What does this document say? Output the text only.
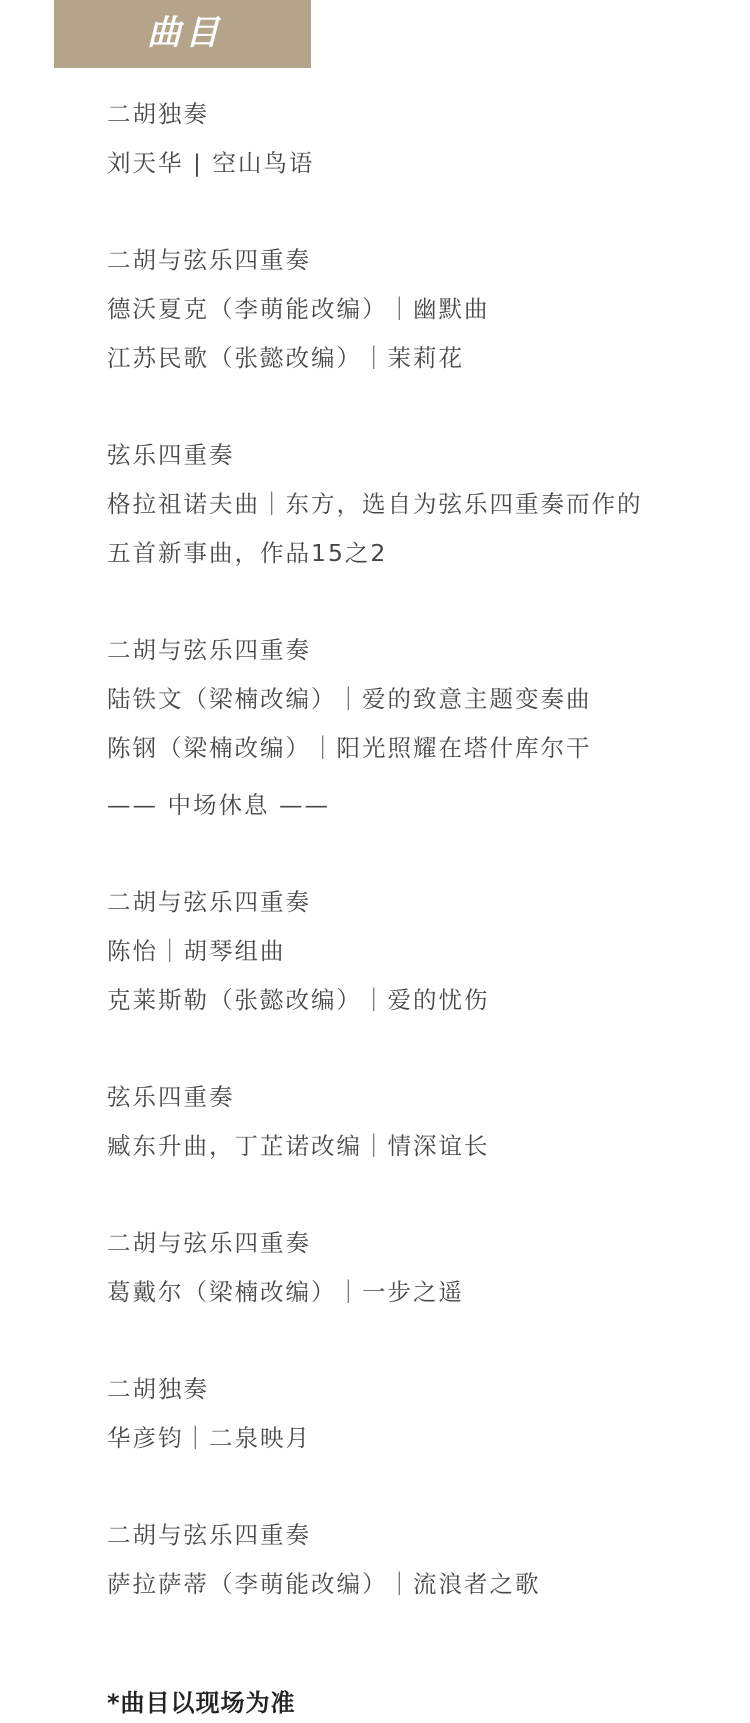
曲目
二胡独奏
刘天华 | 空山鸟语
二胡与弦乐四重奏
德沃夏克（李萌能改编）｜幽默曲
江苏民歌（张懿改编）｜茉莉花
弦乐四重奏
格拉祖诺夫曲｜东方，选自为弦乐四重奏而作的五首新事曲，作品15之2
二胡与弦乐四重奏
陆铁文（梁楠改编）｜爱的致意主题变奏曲
陈钢（梁楠改编）｜阳光照耀在塔什库尔干
—— 中场休息 ——
二胡与弦乐四重奏
陈怡｜胡琴组曲
克莱斯勒（张懿改编）｜爱的忧伤
弦乐四重奏
臧东升曲，丁芷诺改编｜情深谊长
二胡与弦乐四重奏
葛戴尔（梁楠改编）｜一步之遥
二胡独奏
华彦钧｜二泉映月
二胡与弦乐四重奏
萨拉萨蒂（李萌能改编）｜流浪者之歌
*曲目以现场为准
